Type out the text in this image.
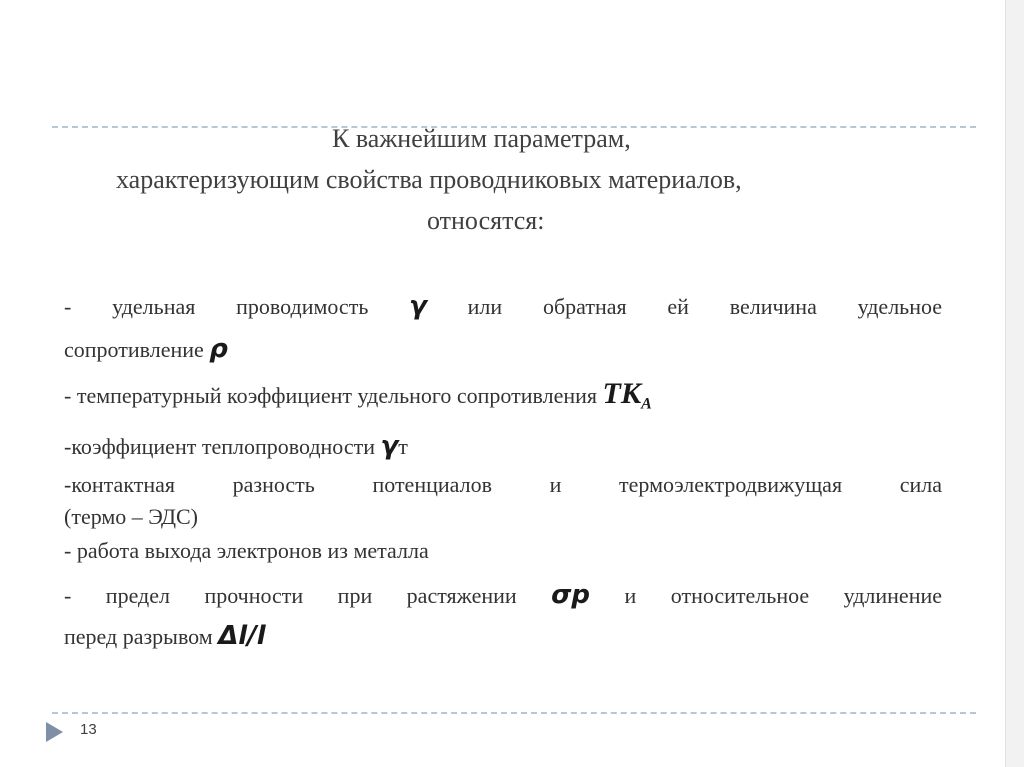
К важнейшим параметрам,
характеризующим свойства проводниковых материалов,
относятся:
- удельная проводимость γ или обратная ей величина удельное
сопротивление ρ
- температурный коэффициент удельного сопротивления $ТК_А$
-коэффициент теплопроводности γт
-контактная разность потенциалов и термоэлектродвижущая сила
(термо – ЭДС)
- работа выхода электронов из металла
- предел прочности при растяжении σр и относительное удлинение
перед разрывом Δl/l
13
